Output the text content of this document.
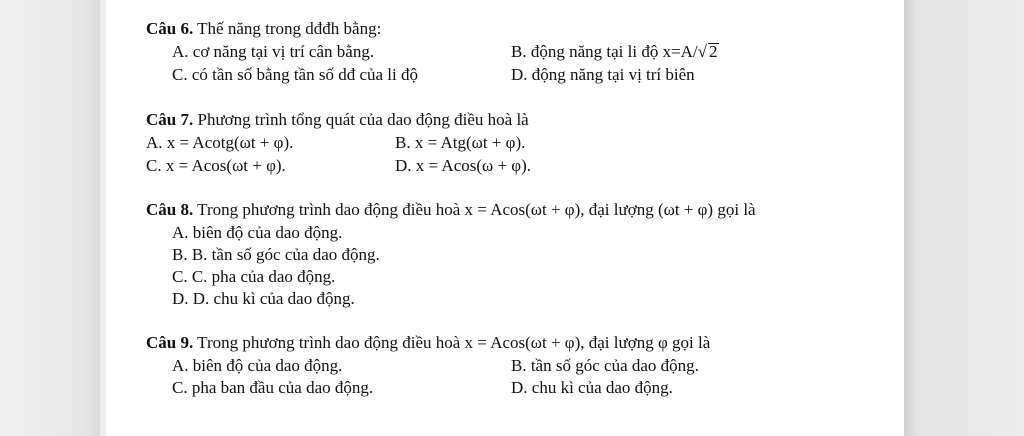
Câu 6. Thế năng trong dđđh bằng:
A. cơ năng tại vị trí cân bằng.	B. động năng tại li độ x=A/√ 2
C. có tần số bằng tần số dđ của li độ	D. động năng tại vị trí biên
Câu 7. Phương trình tổng quát của dao động điều hoà là
A. x = Acotg(ωt + φ).	B. x = Atg(ωt + φ).
C. x = Acos(ωt + φ).	D. x = Acos(ω + φ).
Câu 8. Trong phương trình dao động điều hoà x = Acos(ωt + φ), đại lượng (ωt + φ) gọi là
A. biên độ của dao động.
B. B. tần số góc của dao động.
C. C. pha của dao động.
D. D. chu kì của dao động.
Câu 9. Trong phương trình dao động điều hoà x = Acos(ωt + φ), đại lượng φ gọi là
A. biên độ của dao động.	B. tần số góc của dao động.
C. pha ban đầu của dao động.	D. chu kì của dao động.
